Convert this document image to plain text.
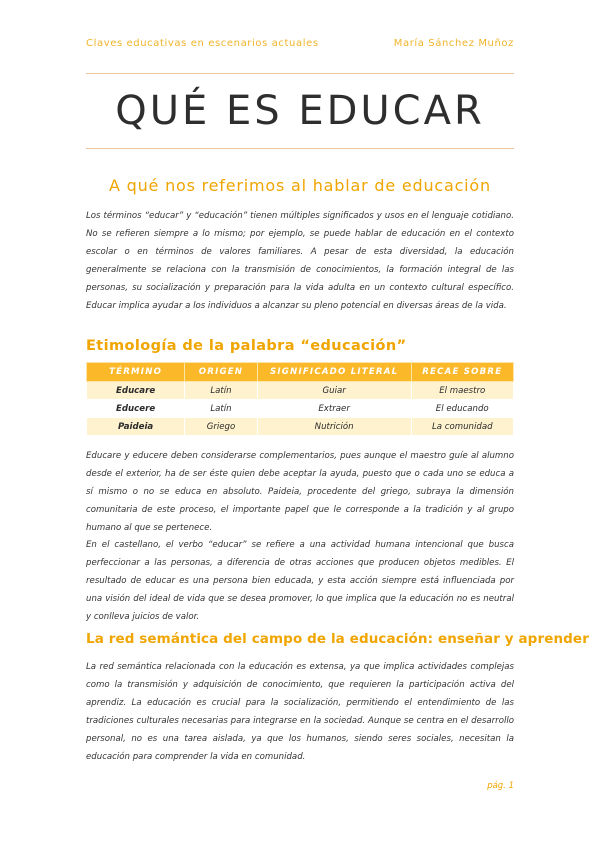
Claves educativas en escenarios actuales	María Sánchez Muñoz
QUÉ ES EDUCAR
A qué nos referimos al hablar de educación
Los términos “educar” y “educación” tienen múltiples significados y usos en el lenguaje cotidiano. No se refieren siempre a lo mismo; por ejemplo, se puede hablar de educación en el contexto escolar o en términos de valores familiares. A pesar de esta diversidad, la educación generalmente se relaciona con la transmisión de conocimientos, la formación integral de las personas, su socialización y preparación para la vida adulta en un contexto cultural específico. Educar implica ayudar a los individuos a alcanzar su pleno potencial en diversas áreas de la vida.
Etimología de la palabra “educación”
TÉRMINO	ORIGEN	SIGNIFICADO LITERAL	RECAE SOBRE
Educare	Latín	Guiar	El maestro
Educere	Latín	Extraer	El educando
Paideia	Griego	Nutrición	La comunidad
Educare y educere deben considerarse complementarios, pues aunque el maestro guíe al alumno desde el exterior, ha de ser éste quien debe aceptar la ayuda, puesto que o cada uno se educa a sí mismo o no se educa en absoluto. Paideia, procedente del griego, subraya la dimensión comunitaria de este proceso, el importante papel que le corresponde a la tradición y al grupo humano al que se pertenece.
En el castellano, el verbo “educar” se refiere a una actividad humana intencional que busca perfeccionar a las personas, a diferencia de otras acciones que producen objetos medibles. El resultado de educar es una persona bien educada, y esta acción siempre está influenciada por una visión del ideal de vida que se desea promover, lo que implica que la educación no es neutral y conlleva juicios de valor.
La red semántica del campo de la educación: enseñar y aprender
La red semántica relacionada con la educación es extensa, ya que implica actividades complejas como la transmisión y adquisición de conocimiento, que requieren la participación activa del aprendiz. La educación es crucial para la socialización, permitiendo el entendimiento de las tradiciones culturales necesarias para integrarse en la sociedad. Aunque se centra en el desarrollo personal, no es una tarea aislada, ya que los humanos, siendo seres sociales, necesitan la educación para comprender la vida en comunidad.
pág. 1
